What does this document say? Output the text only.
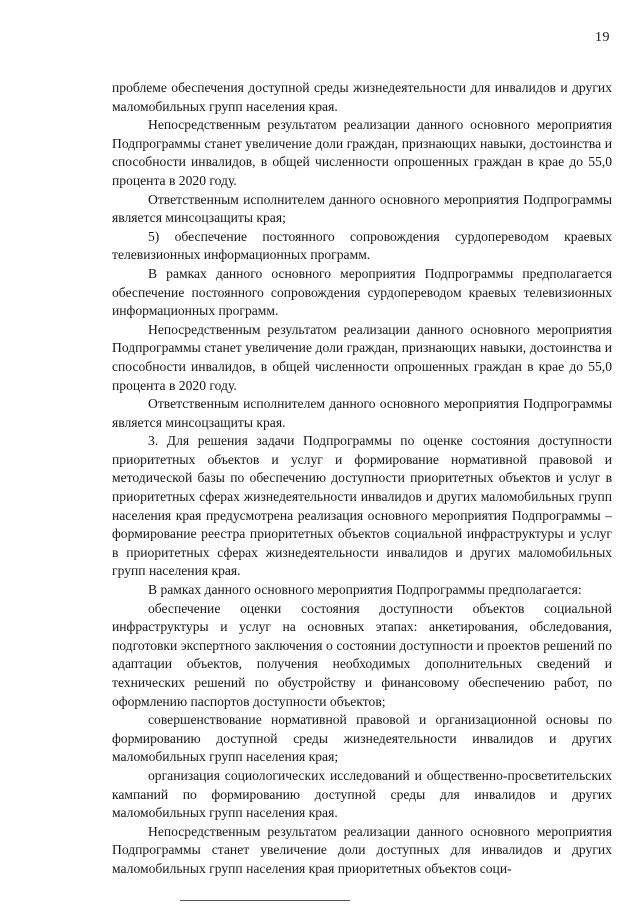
19

проблеме обеспечения доступной среды жизнедеятельности для инвалидов и других маломобильных групп населения края.

Непосредственным результатом реализации данного основного мероприятия Подпрограммы станет увеличение доли граждан, признающих навыки, достоинства и способности инвалидов, в общей численности опрошенных граждан в крае до 55,0 процента в 2020 году.

Ответственным исполнителем данного основного мероприятия Подпрограммы является минсоцзащиты края;

5) обеспечение постоянного сопровождения сурдопереводом краевых телевизионных информационных программ.

В рамках данного основного мероприятия Подпрограммы предполагается обеспечение постоянного сопровождения сурдопереводом краевых телевизионных информационных программ.

Непосредственным результатом реализации данного основного мероприятия Подпрограммы станет увеличение доли граждан, признающих навыки, достоинства и способности инвалидов, в общей численности опрошенных граждан в крае до 55,0 процента в 2020 году.

Ответственным исполнителем данного основного мероприятия Подпрограммы является минсоцзащиты края.

3. Для решения задачи Подпрограммы по оценке состояния доступности приоритетных объектов и услуг и формирование нормативной правовой и методической базы по обеспечению доступности приоритетных объектов и услуг в приоритетных сферах жизнедеятельности инвалидов и других маломобильных групп населения края предусмотрена реализация основного мероприятия Подпрограммы – формирование реестра приоритетных объектов социальной инфраструктуры и услуг в приоритетных сферах жизнедеятельности инвалидов и других маломобильных групп населения края.

В рамках данного основного мероприятия Подпрограммы предполагается:

обеспечение оценки состояния доступности объектов социальной инфраструктуры и услуг на основных этапах: анкетирования, обследования, подготовки экспертного заключения о состоянии доступности и проектов решений по адаптации объектов, получения необходимых дополнительных сведений и технических решений по обустройству и финансовому обеспечению работ, по оформлению паспортов доступности объектов;

совершенствование нормативной правовой и организационной основы по формированию доступной среды жизнедеятельности инвалидов и других маломобильных групп населения края;

организация социологических исследований и общественно-просветительских кампаний по формированию доступной среды для инвалидов и других маломобильных групп населения края.

Непосредственным результатом реализации данного основного мероприятия Подпрограммы станет увеличение доли доступных для инвалидов и других маломобильных групп населения края приоритетных объектов соци-
